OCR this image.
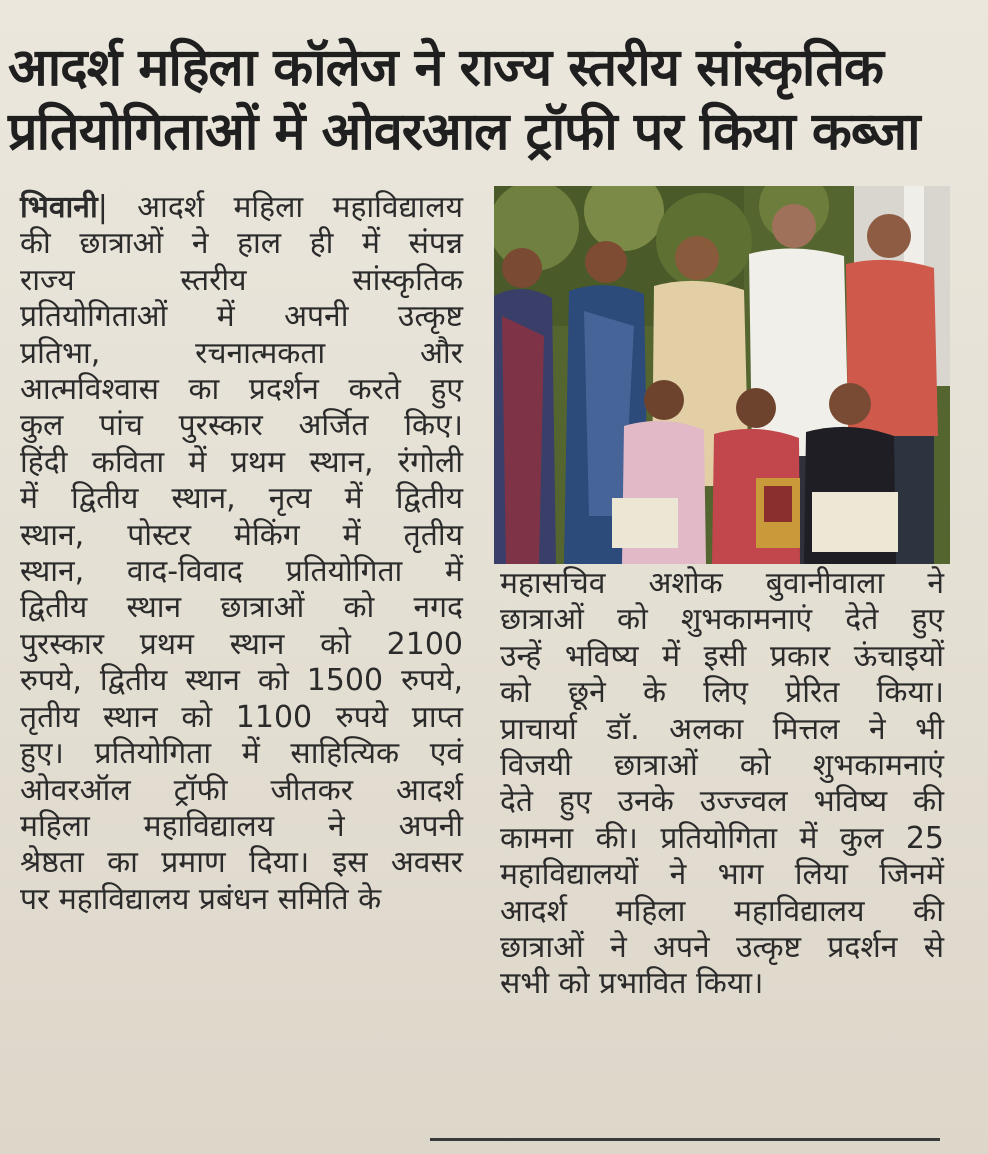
आदर्श महिला कॉलेज ने राज्य स्तरीय सांस्कृतिक
प्रतियोगिताओं में ओवरआल ट्रॉफी पर किया कब्जा

भिवानी| आदर्श महिला महाविद्यालय

की छात्राओं ने हाल ही में संपन्न

राज्य स्तरीय सांस्कृतिक

प्रतियोगिताओं में अपनी उत्कृष्ट

प्रतिभा, रचनात्मकता और

आत्मविश्वास का प्रदर्शन करते हुए

कुल पांच पुरस्कार अर्जित किए।

हिंदी कविता में प्रथम स्थान, रंगोली

में द्वितीय स्थान, नृत्य में द्वितीय

स्थान, पोस्टर मेकिंग में तृतीय

स्थान, वाद-विवाद प्रतियोगिता में

द्वितीय स्थान छात्राओं को नगद

पुरस्कार प्रथम स्थान को 2100

रुपये, द्वितीय स्थान को 1500 रुपये,

तृतीय स्थान को 1100 रुपये प्राप्त

हुए। प्रतियोगिता में साहित्यिक एवं

ओवरऑल ट्रॉफी जीतकर आदर्श

महिला महाविद्यालय ने अपनी

श्रेष्ठता का प्रमाण दिया। इस अवसर

पर महाविद्यालय प्रबंधन समिति के

महासचिव अशोक बुवानीवाला ने

छात्राओं को शुभकामनाएं देते हुए

उन्हें भविष्य में इसी प्रकार ऊंचाइयों

को छूने के लिए प्रेरित किया।

प्राचार्या डॉ. अलका मित्तल ने भी

विजयी छात्राओं को शुभकामनाएं

देते हुए उनके उज्ज्वल भविष्य की

कामना की। प्रतियोगिता में कुल 25

महाविद्यालयों ने भाग लिया जिनमें

आदर्श महिला महाविद्यालय की

छात्राओं ने अपने उत्कृष्ट प्रदर्शन से

सभी को प्रभावित किया।
